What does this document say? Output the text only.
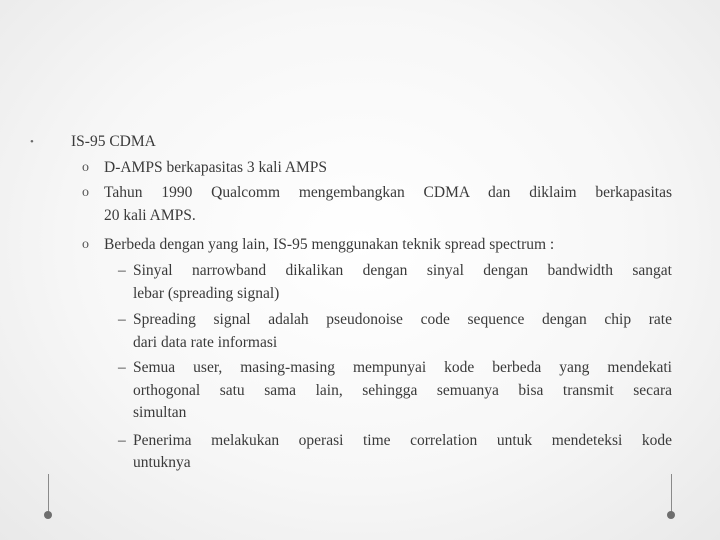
• IS-95 CDMA
o D-AMPS berkapasitas 3 kali AMPS
o Tahun 1990 Qualcomm mengembangkan CDMA dan diklaim berkapasitas
20 kali AMPS.
o Berbeda dengan yang lain, IS-95 menggunakan teknik spread spectrum :
– Sinyal narrowband dikalikan dengan sinyal dengan bandwidth sangat
lebar (spreading signal)
– Spreading signal adalah pseudonoise code sequence dengan chip rate
dari data rate informasi
– Semua user, masing-masing mempunyai kode berbeda yang mendekati
orthogonal satu sama lain, sehingga semuanya bisa transmit secara
simultan
– Penerima melakukan operasi time correlation untuk mendeteksi kode
untuknya
